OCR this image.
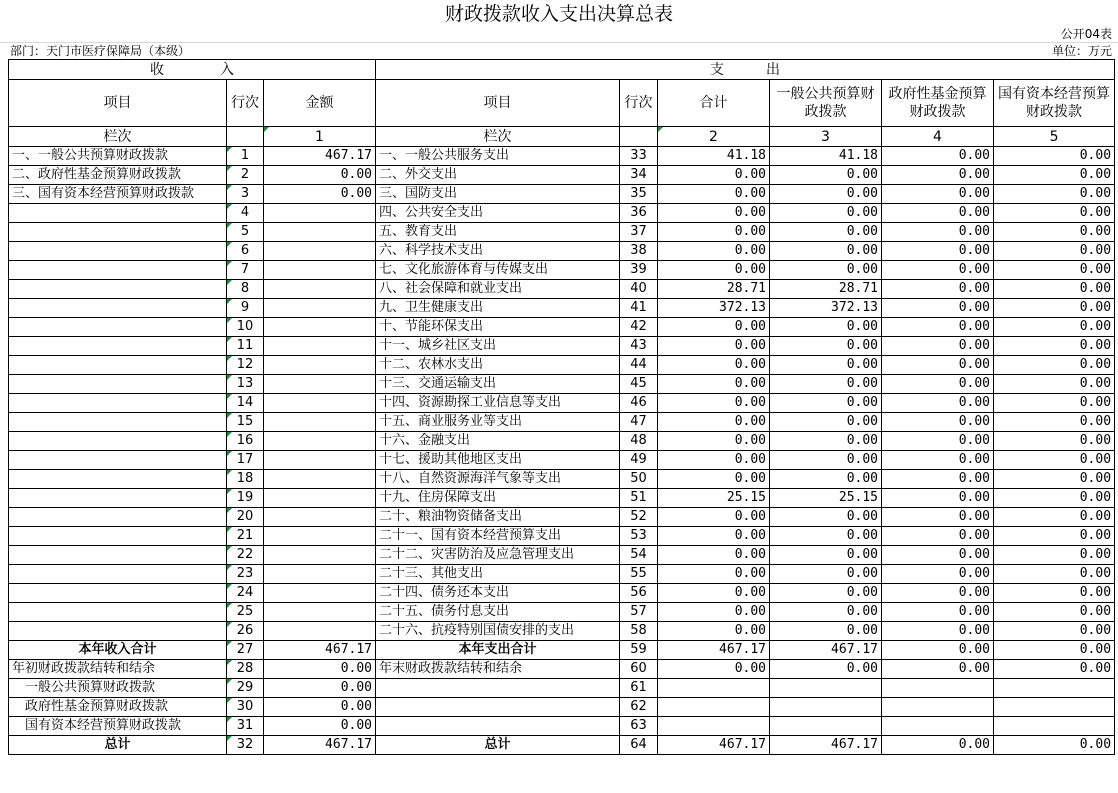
财政拨款收入支出决算总表
公开04表
部门：天门市医疗保障局（本级）	单位：万元
收　　　　入			支　　　出					
项目	行次	金额	项目	行次	合计	一般公共预算财政拨款	政府性基金预算财政拨款	国有资本经营预算财政拨款
栏次		1	栏次		2	3	4	5
一、一般公共预算财政拨款	1	467.17	一、一般公共服务支出	33	41.18	41.18	0.00	0.00
二、政府性基金预算财政拨款	2	0.00	二、外交支出	34	0.00	0.00	0.00	0.00
三、国有资本经营预算财政拨款	3	0.00	三、国防支出	35	0.00	0.00	0.00	0.00
	4		四、公共安全支出	36	0.00	0.00	0.00	0.00
	5		五、教育支出	37	0.00	0.00	0.00	0.00
	6		六、科学技术支出	38	0.00	0.00	0.00	0.00
	7		七、文化旅游体育与传媒支出	39	0.00	0.00	0.00	0.00
	8		八、社会保障和就业支出	40	28.71	28.71	0.00	0.00
	9		九、卫生健康支出	41	372.13	372.13	0.00	0.00
	10		十、节能环保支出	42	0.00	0.00	0.00	0.00
	11		十一、城乡社区支出	43	0.00	0.00	0.00	0.00
	12		十二、农林水支出	44	0.00	0.00	0.00	0.00
	13		十三、交通运输支出	45	0.00	0.00	0.00	0.00
	14		十四、资源勘探工业信息等支出	46	0.00	0.00	0.00	0.00
	15		十五、商业服务业等支出	47	0.00	0.00	0.00	0.00
	16		十六、金融支出	48	0.00	0.00	0.00	0.00
	17		十七、援助其他地区支出	49	0.00	0.00	0.00	0.00
	18		十八、自然资源海洋气象等支出	50	0.00	0.00	0.00	0.00
	19		十九、住房保障支出	51	25.15	25.15	0.00	0.00
	20		二十、粮油物资储备支出	52	0.00	0.00	0.00	0.00
	21		二十一、国有资本经营预算支出	53	0.00	0.00	0.00	0.00
	22		二十二、灾害防治及应急管理支出	54	0.00	0.00	0.00	0.00
	23		二十三、其他支出	55	0.00	0.00	0.00	0.00
	24		二十四、债务还本支出	56	0.00	0.00	0.00	0.00
	25		二十五、债务付息支出	57	0.00	0.00	0.00	0.00
	26		二十六、抗疫特别国债安排的支出	58	0.00	0.00	0.00	0.00
本年收入合计	27	467.17	本年支出合计	59	467.17	467.17	0.00	0.00
年初财政拨款结转和结余	28	0.00	年末财政拨款结转和结余	60	0.00	0.00	0.00	0.00
一般公共预算财政拨款	29	0.00		61				
政府性基金预算财政拨款	30	0.00		62				
国有资本经营预算财政拨款	31	0.00		63				
总计	32	467.17	总计	64	467.17	467.17	0.00	0.00
